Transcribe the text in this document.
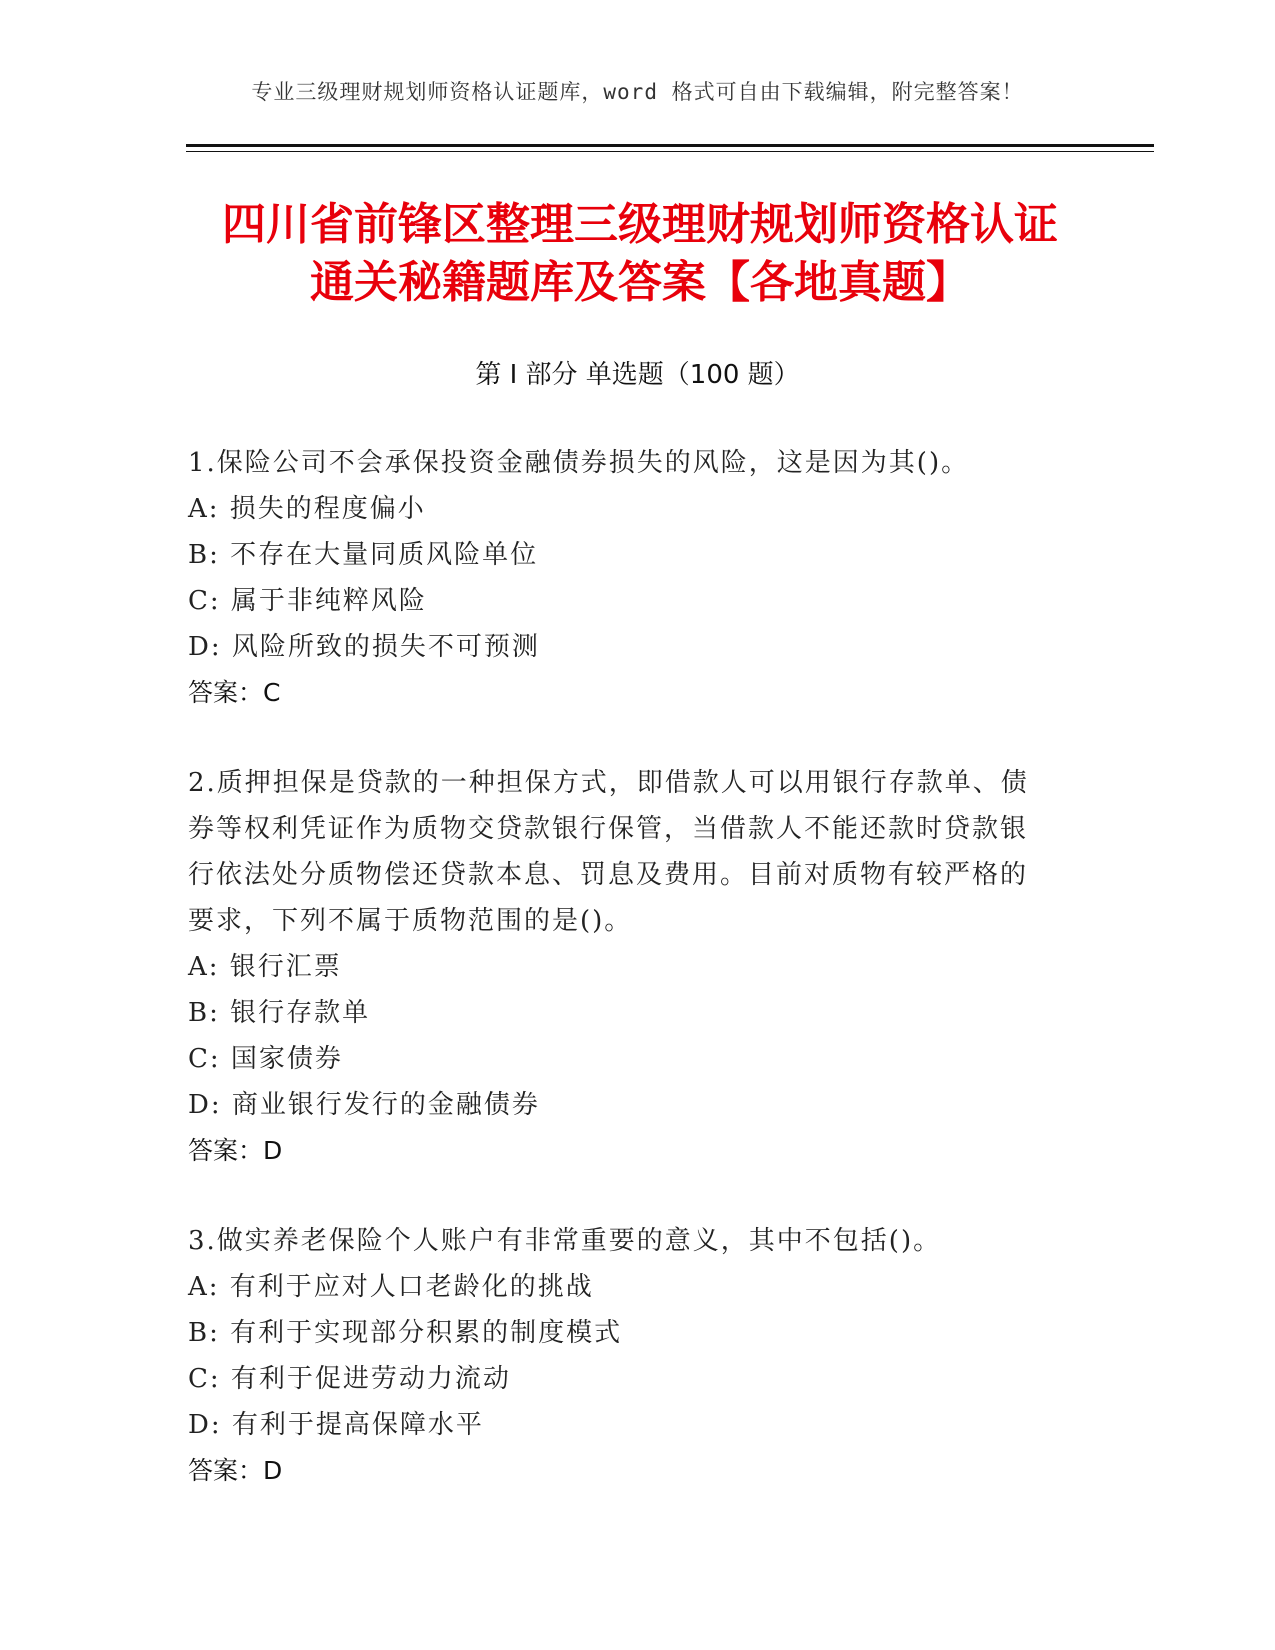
专业三级理财规划师资格认证题库，word 格式可自由下载编辑，附完整答案！
四川省前锋区整理三级理财规划师资格认证
通关秘籍题库及答案【各地真题】
第 I 部分 单选题（100 题）
1.保险公司不会承保投资金融债券损失的风险，这是因为其()。
A: 损失的程度偏小
B: 不存在大量同质风险单位
C: 属于非纯粹风险
D: 风险所致的损失不可预测
答案：C
2.质押担保是贷款的一种担保方式，即借款人可以用银行存款单、债
券等权利凭证作为质物交贷款银行保管，当借款人不能还款时贷款银
行依法处分质物偿还贷款本息、罚息及费用。目前对质物有较严格的
要求，下列不属于质物范围的是()。
A: 银行汇票
B: 银行存款单
C: 国家债券
D: 商业银行发行的金融债券
答案：D
3.做实养老保险个人账户有非常重要的意义，其中不包括()。
A: 有利于应对人口老龄化的挑战
B: 有利于实现部分积累的制度模式
C: 有利于促进劳动力流动
D: 有利于提高保障水平
答案：D
